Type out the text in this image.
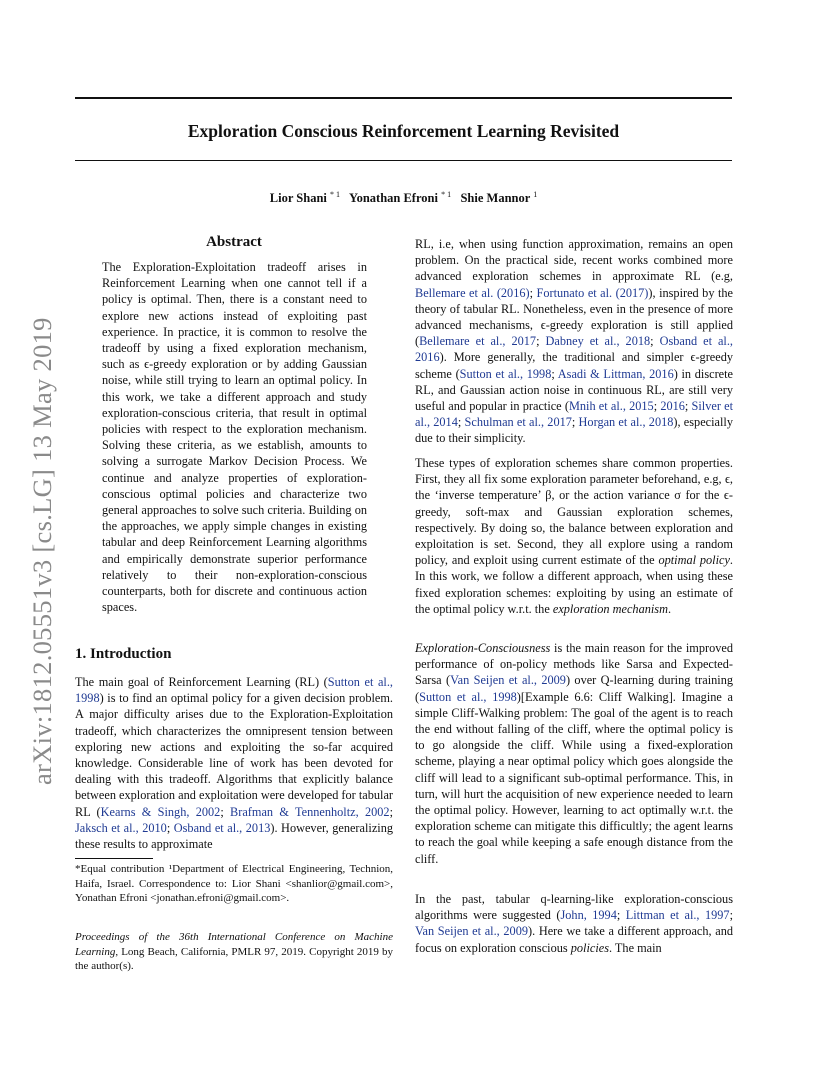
arXiv:1812.05551v3 [cs.LG] 13 May 2019
Exploration Conscious Reinforcement Learning Revisited
Lior Shani $^{* 1}$ Yonathan Efroni $^{* 1}$ Shie Mannor $^1$
Abstract
The Exploration-Exploitation tradeoff arises in Reinforcement Learning when one cannot tell if a policy is optimal. Then, there is a constant need to explore new actions instead of exploiting past experience. In practice, it is common to resolve the tradeoff by using a fixed exploration mechanism, such as ϵ-greedy exploration or by adding Gaussian noise, while still trying to learn an optimal policy. In this work, we take a different approach and study exploration-conscious criteria, that result in optimal policies with respect to the exploration mechanism. Solving these criteria, as we establish, amounts to solving a surrogate Markov Decision Process. We continue and analyze properties of exploration-conscious optimal policies and characterize two general approaches to solve such criteria. Building on the approaches, we apply simple changes in existing tabular and deep Reinforcement Learning algorithms and empirically demonstrate superior performance relatively to their non-exploration-conscious counterparts, both for discrete and continuous action spaces.
1. Introduction

The main goal of Reinforcement Learning (RL) (Sutton et al., 1998) is to find an optimal policy for a given decision problem. A major difficulty arises due to the Exploration-Exploitation tradeoff, which characterizes the omnipresent tension between exploring new actions and exploiting the so-far acquired knowledge. Considerable line of work has been devoted for dealing with this tradeoff. Algorithms that explicitly balance between exploration and exploitation were developed for tabular RL (Kearns & Singh, 2002; Brafman & Tennenholtz, 2002; Jaksch et al., 2010; Osband et al., 2013). However, generalizing these results to approximate

*Equal contribution ¹Department of Electrical Engineering, Technion, Haifa, Israel. Correspondence to: Lior Shani <shanlior@gmail.com>, Yonathan Efroni <jonathan.efroni@gmail.com>.
Proceedings of the 36th International Conference on Machine Learning, Long Beach, California, PMLR 97, 2019. Copyright 2019 by the author(s).

RL, i.e, when using function approximation, remains an open problem. On the practical side, recent works combined more advanced exploration schemes in approximate RL (e.g, Bellemare et al. (2016); Fortunato et al. (2017)), inspired by the theory of tabular RL. Nonetheless, even in the presence of more advanced mechanisms, ϵ-greedy exploration is still applied (Bellemare et al., 2017; Dabney et al., 2018; Osband et al., 2016). More generally, the traditional and simpler ϵ-greedy scheme (Sutton et al., 1998; Asadi & Littman, 2016) in discrete RL, and Gaussian action noise in continuous RL, are still very useful and popular in practice (Mnih et al., 2015; 2016; Silver et al., 2014; Schulman et al., 2017; Horgan et al., 2018), especially due to their simplicity.

These types of exploration schemes share common properties. First, they all fix some exploration parameter beforehand, e.g, ϵ, the ‘inverse temperature’ β, or the action variance σ for the ϵ-greedy, soft-max and Gaussian exploration schemes, respectively. By doing so, the balance between exploration and exploitation is set. Second, they all explore using a random policy, and exploit using current estimate of the optimal policy. In this work, we follow a different approach, when using these fixed exploration schemes: exploiting by using an estimate of the optimal policy w.r.t. the exploration mechanism.

Exploration-Consciousness is the main reason for the improved performance of on-policy methods like Sarsa and Expected-Sarsa (Van Seijen et al., 2009) over Q-learning during training (Sutton et al., 1998)[Example 6.6: Cliff Walking]. Imagine a simple Cliff-Walking problem: The goal of the agent is to reach the end without falling of the cliff, where the optimal policy is to go alongside the cliff. While using a fixed-exploration scheme, playing a near optimal policy which goes alongside the cliff will lead to a significant sub-optimal performance. This, in turn, will hurt the acquisition of new experience needed to learn the optimal policy. However, learning to act optimally w.r.t. the exploration scheme can mitigate this difficultly; the agent learns to reach the goal while keeping a safe enough distance from the cliff.

In the past, tabular q-learning-like exploration-conscious algorithms were suggested (John, 1994; Littman et al., 1997; Van Seijen et al., 2009). Here we take a different approach, and focus on exploration conscious policies. The main
